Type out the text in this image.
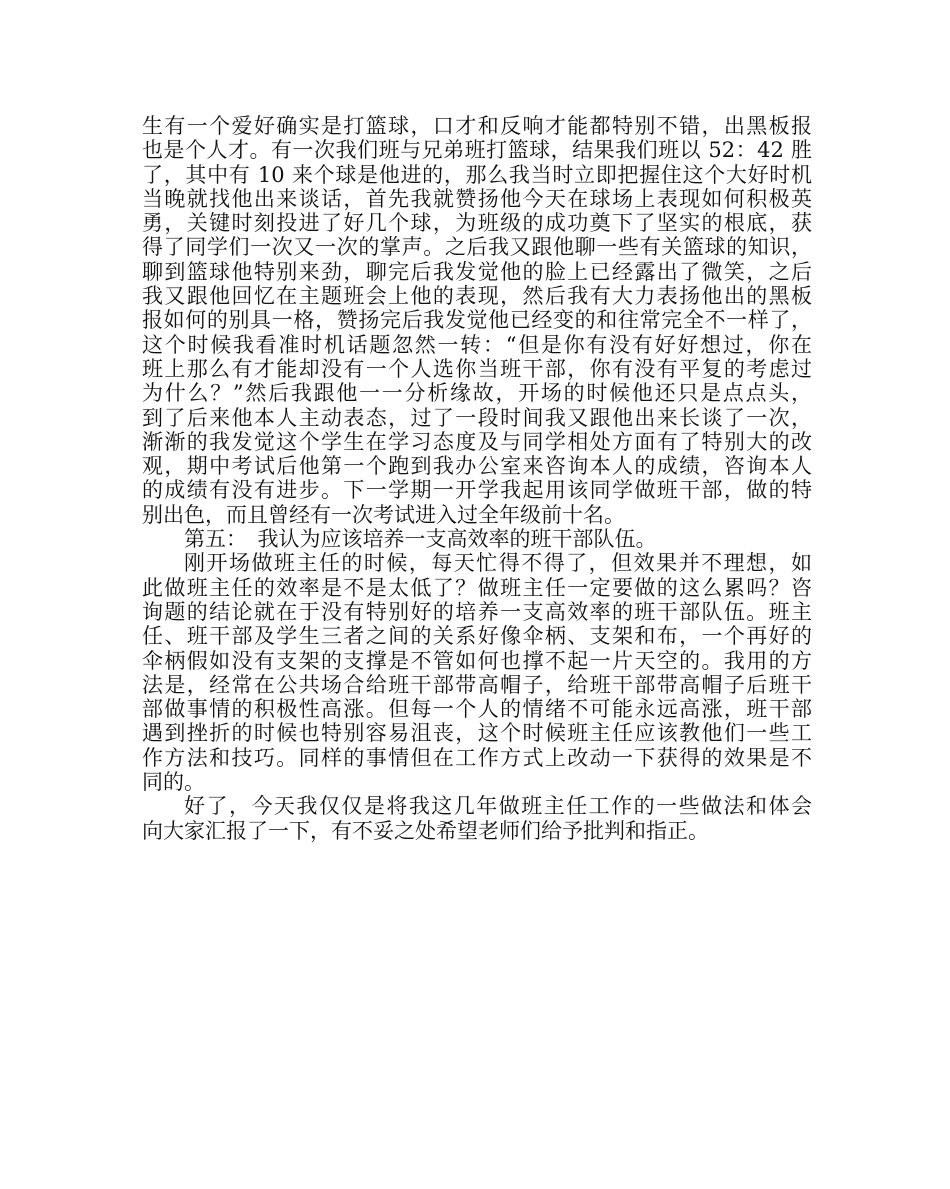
生有一个爱好确实是打篮球，口才和反响才能都特别不错，出黑板报
也是个人才。有一次我们班与兄弟班打篮球，结果我们班以 52：42 胜
了，其中有 10 来个球是他进的，那么我当时立即把握住这个大好时机
当晚就找他出来谈话，首先我就赞扬他今天在球场上表现如何积极英
勇，关键时刻投进了好几个球，为班级的成功奠下了坚实的根底，获
得了同学们一次又一次的掌声。之后我又跟他聊一些有关篮球的知识，
聊到篮球他特别来劲，聊完后我发觉他的脸上已经露出了微笑，之后
我又跟他回忆在主题班会上他的表现，然后我有大力表扬他出的黑板
报如何的别具一格，赞扬完后我发觉他已经变的和往常完全不一样了，
这个时候我看准时机话题忽然一转：“但是你有没有好好想过，你在
班上那么有才能却没有一个人选你当班干部，你有没有平复的考虑过
为什么？”然后我跟他一一分析缘故，开场的时候他还只是点点头，
到了后来他本人主动表态，过了一段时间我又跟他出来长谈了一次，
渐渐的我发觉这个学生在学习态度及与同学相处方面有了特别大的改
观，期中考试后他第一个跑到我办公室来咨询本人的成绩，咨询本人
的成绩有没有进步。下一学期一开学我起用该同学做班干部，做的特
别出色，而且曾经有一次考试进入过全年级前十名。
第五：　我认为应该培养一支高效率的班干部队伍。
刚开场做班主任的时候，每天忙得不得了，但效果并不理想，如
此做班主任的效率是不是太低了？做班主任一定要做的这么累吗？咨
询题的结论就在于没有特别好的培养一支高效率的班干部队伍。班主
任、班干部及学生三者之间的关系好像伞柄、支架和布，一个再好的
伞柄假如没有支架的支撑是不管如何也撑不起一片天空的。我用的方
法是，经常在公共场合给班干部带高帽子，给班干部带高帽子后班干
部做事情的积极性高涨。但每一个人的情绪不可能永远高涨，班干部
遇到挫折的时候也特别容易沮丧，这个时候班主任应该教他们一些工
作方法和技巧。同样的事情但在工作方式上改动一下获得的效果是不
同的。
好了，今天我仅仅是将我这几年做班主任工作的一些做法和体会
向大家汇报了一下，有不妥之处希望老师们给予批判和指正。
